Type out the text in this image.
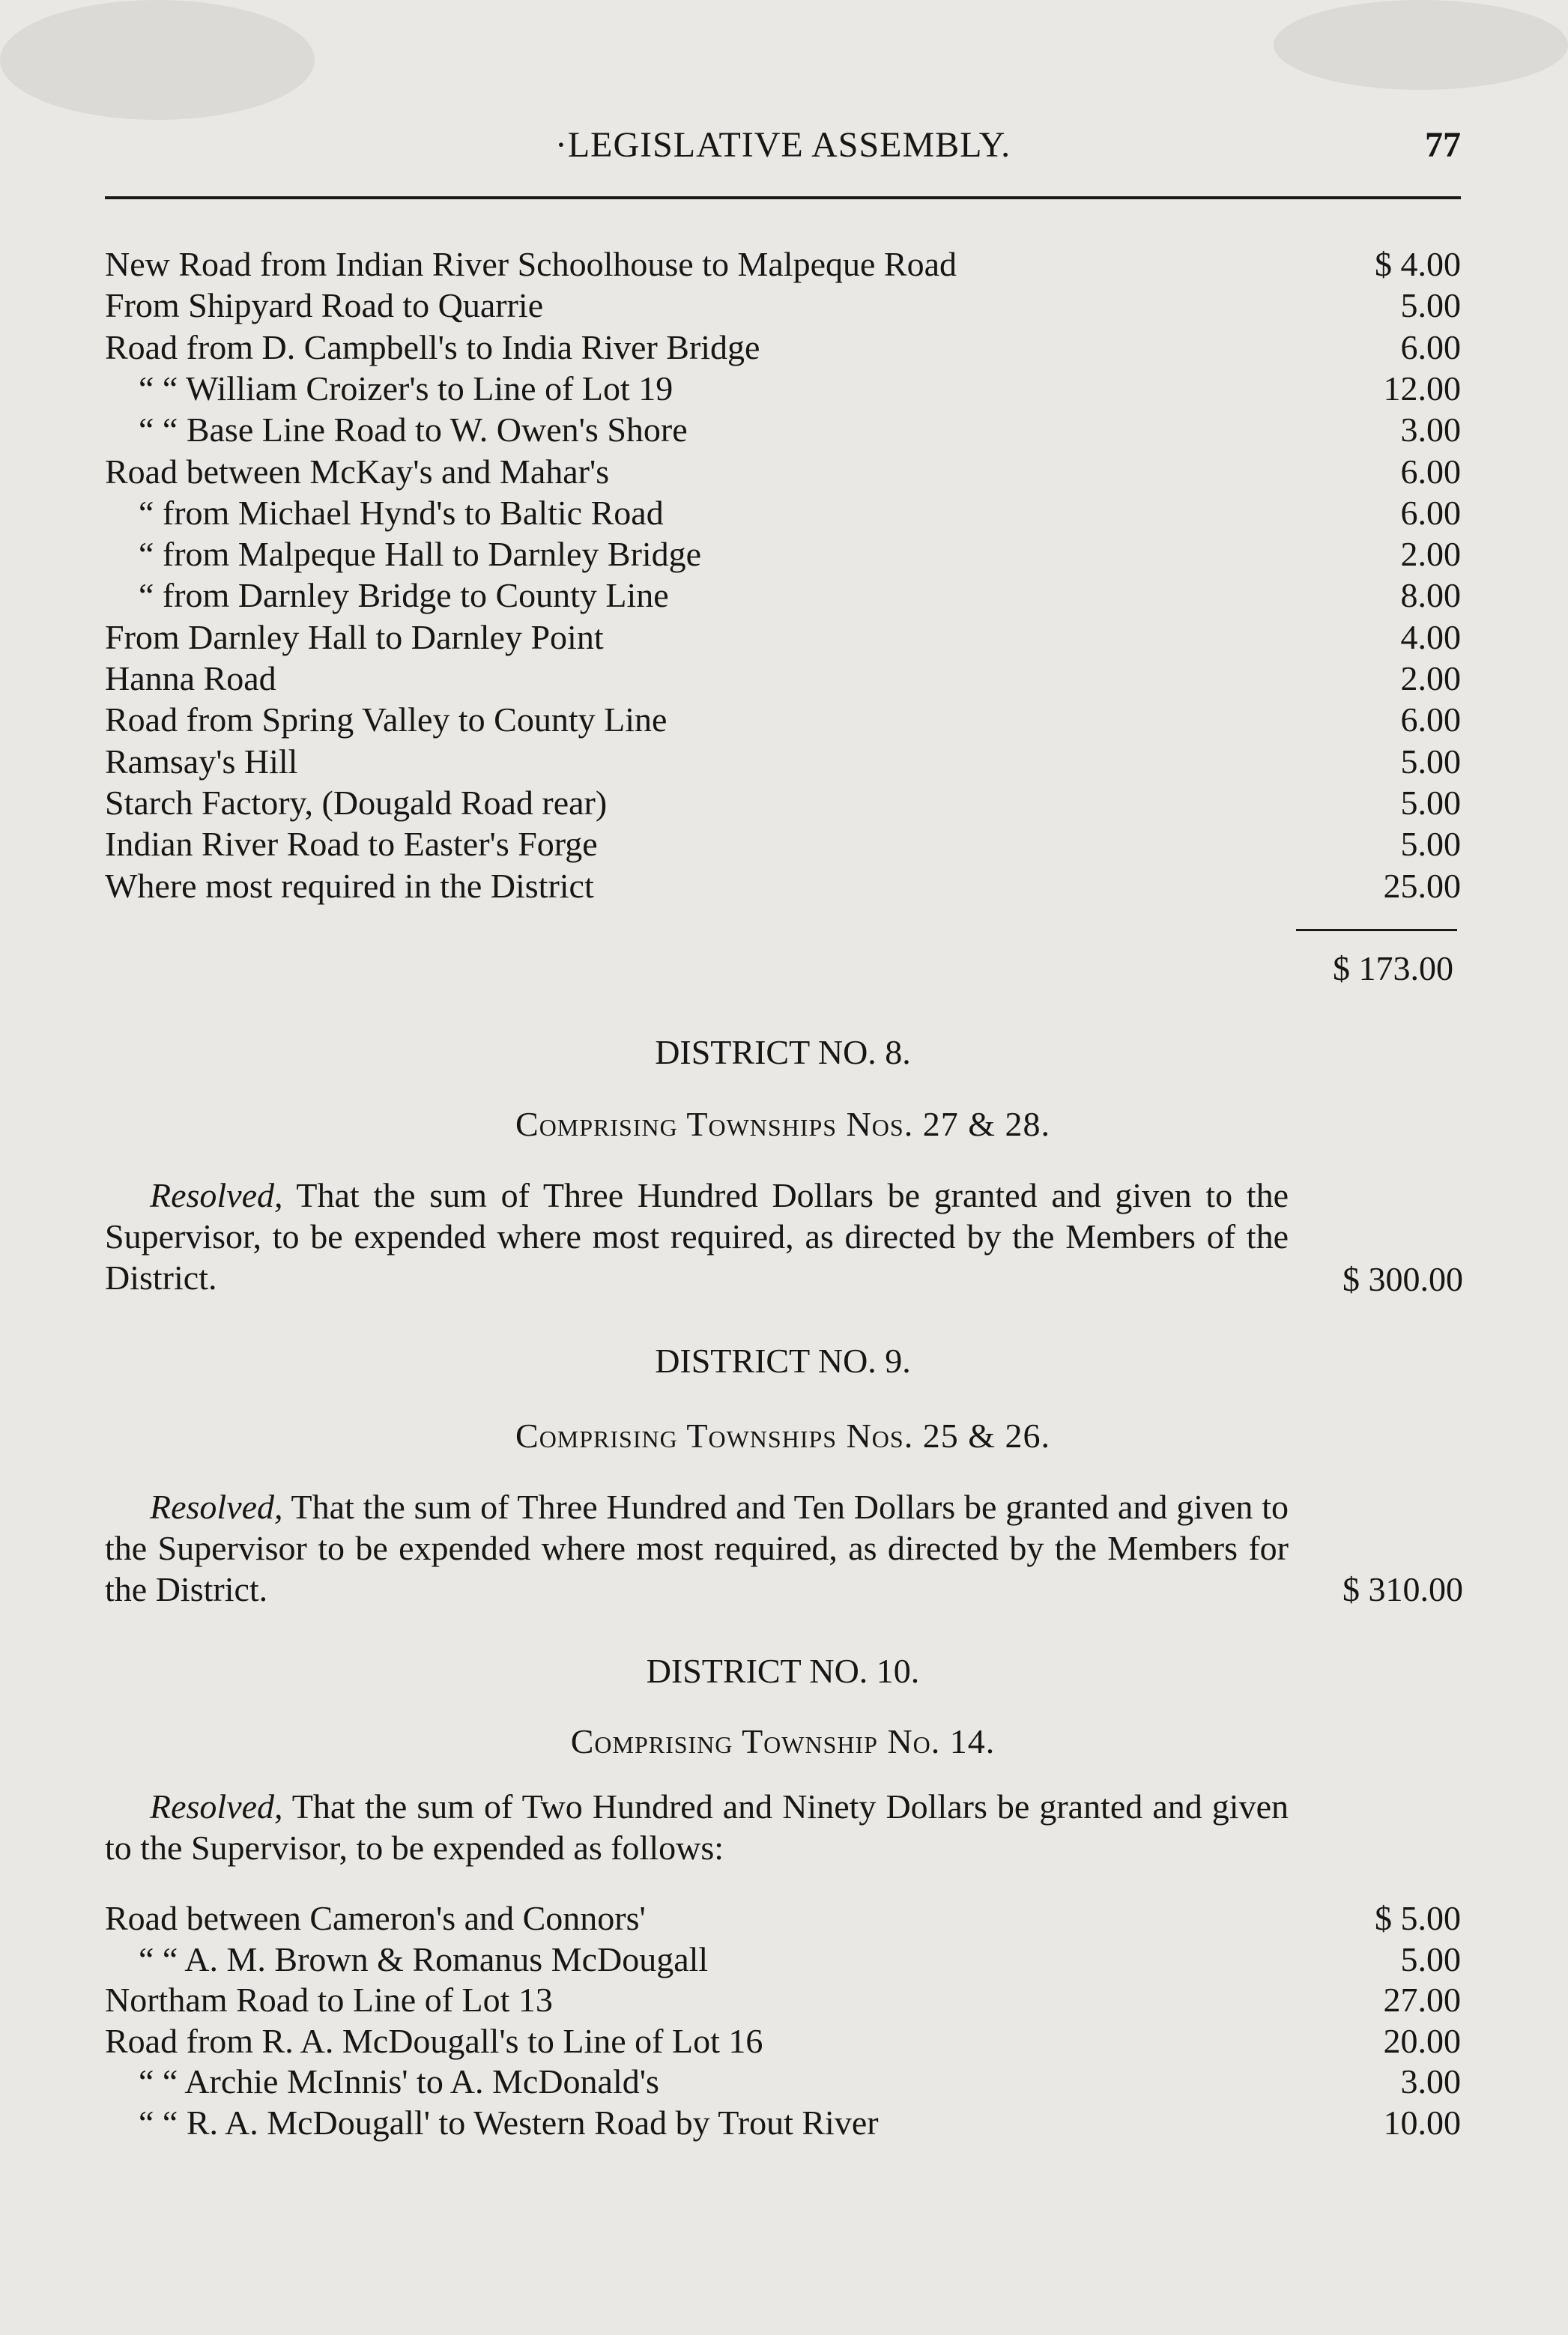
·LEGISLATIVE ASSEMBLY.	77
New Road from Indian River Schoolhouse to Malpeque Road	$ 4.00
From Shipyard Road to Quarrie	5.00
Road from D. Campbell's to India River Bridge	6.00
“ “ William Croizer's to Line of Lot 19	12.00
“ “ Base Line Road to W. Owen's Shore	3.00
Road between McKay's and Mahar's	6.00
“ from Michael Hynd's to Baltic Road	6.00
“ from Malpeque Hall to Darnley Bridge	2.00
“ from Darnley Bridge to County Line	8.00
From Darnley Hall to Darnley Point	4.00
Hanna Road	2.00
Road from Spring Valley to County Line	6.00
Ramsay's Hill	5.00
Starch Factory, (Dougald Road rear)	5.00
Indian River Road to Easter's Forge	5.00
Where most required in the District	25.00
$ 173.00
DISTRICT NO. 8.
Comprising Townships Nos. 27 & 28.
Resolved, That the sum of Three Hundred Dollars be granted and given to the Supervisor, to be expended where most required, as directed by the Members of the District.	$ 300.00
DISTRICT NO. 9.
Comprising Townships Nos. 25 & 26.
Resolved, That the sum of Three Hundred and Ten Dollars be granted and given to the Supervisor to be expended where most required, as directed by the Members for the District.	$ 310.00
DISTRICT NO. 10.
Comprising Township No. 14.
Resolved, That the sum of Two Hundred and Ninety Dollars be granted and given to the Supervisor, to be expended as follows:
Road between Cameron's and Connors'	$ 5.00
“ “ A. M. Brown & Romanus McDougall	5.00
Northam Road to Line of Lot 13	27.00
Road from R. A. McDougall's to Line of Lot 16	20.00
“ “ Archie McInnis' to A. McDonald's	3.00
“ “ R. A. McDougall' to Western Road by Trout River	10.00
